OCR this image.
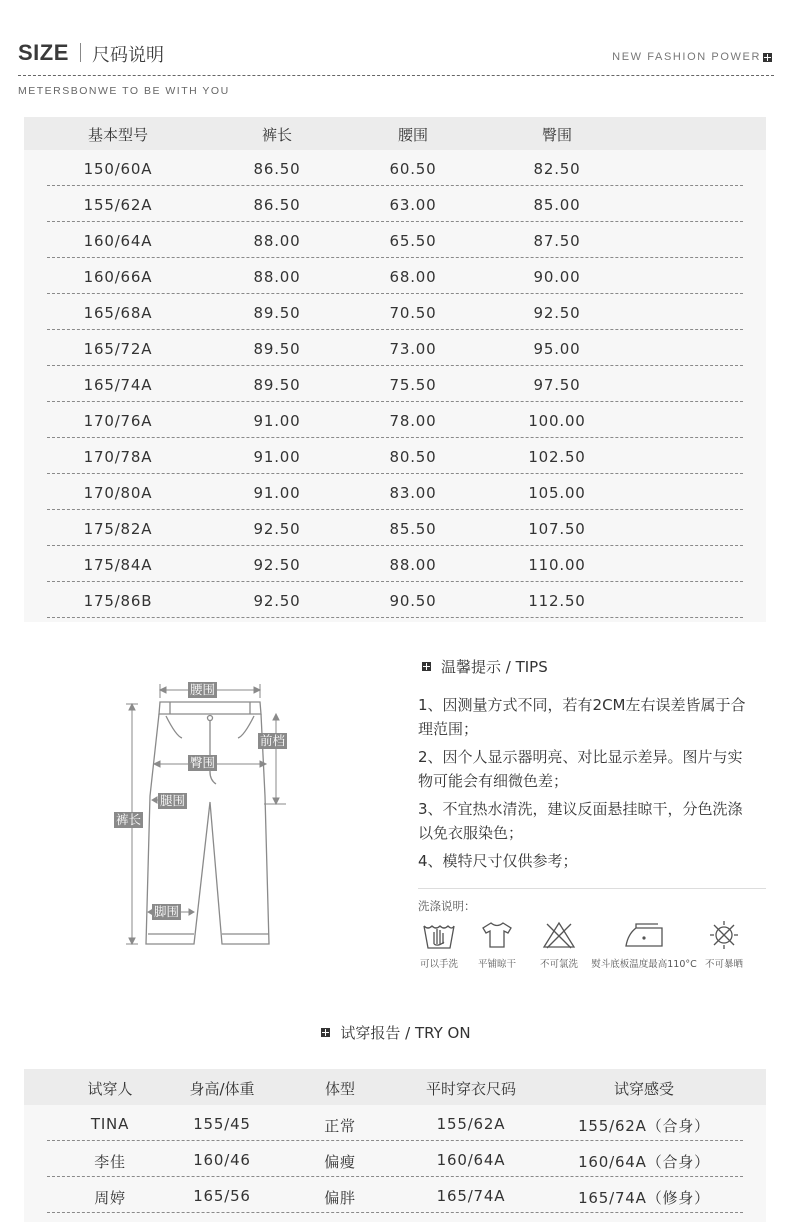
SIZE 尺码说明	NEW FASHION POWER
METERSBONWE TO BE WITH YOU
基本型号	裤长	腰围	臀围
150/60A	86.50	60.50	82.50
155/62A	86.50	63.00	85.00
160/64A	88.00	65.50	87.50
160/66A	88.00	68.00	90.00
165/68A	89.50	70.50	92.50
165/72A	89.50	73.00	95.00
165/74A	89.50	75.50	97.50
170/76A	91.00	78.00	100.00
170/78A	91.00	80.50	102.50
170/80A	91.00	83.00	105.00
175/82A	92.50	85.50	107.50
175/84A	92.50	88.00	110.00
175/86B	92.50	90.50	112.50
腰围
前档
臀围
腿围
裤长
脚围
温馨提示 / TIPS
1、因测量方式不同，若有2CM左右误差皆属于合理范围；
2、因个人显示器明亮、对比显示差异。图片与实物可能会有细微色差；
3、不宜热水清洗，建议反面悬挂晾干，分色洗涤以免衣服染色；
4、模特尺寸仅供参考；
洗涤说明：
可以手洗	平铺晾干	不可氯洗	熨斗底板温度最高110°C 不可暴晒
试穿报告 / TRY ON
试穿人	身高/体重	体型	平时穿衣尺码	试穿感受
TINA	155/45	正常	155/62A	155/62A（合身）
李佳	160/46	偏瘦	160/64A	160/64A（合身）
周婷	165/56	偏胖	165/74A	165/74A（修身）
